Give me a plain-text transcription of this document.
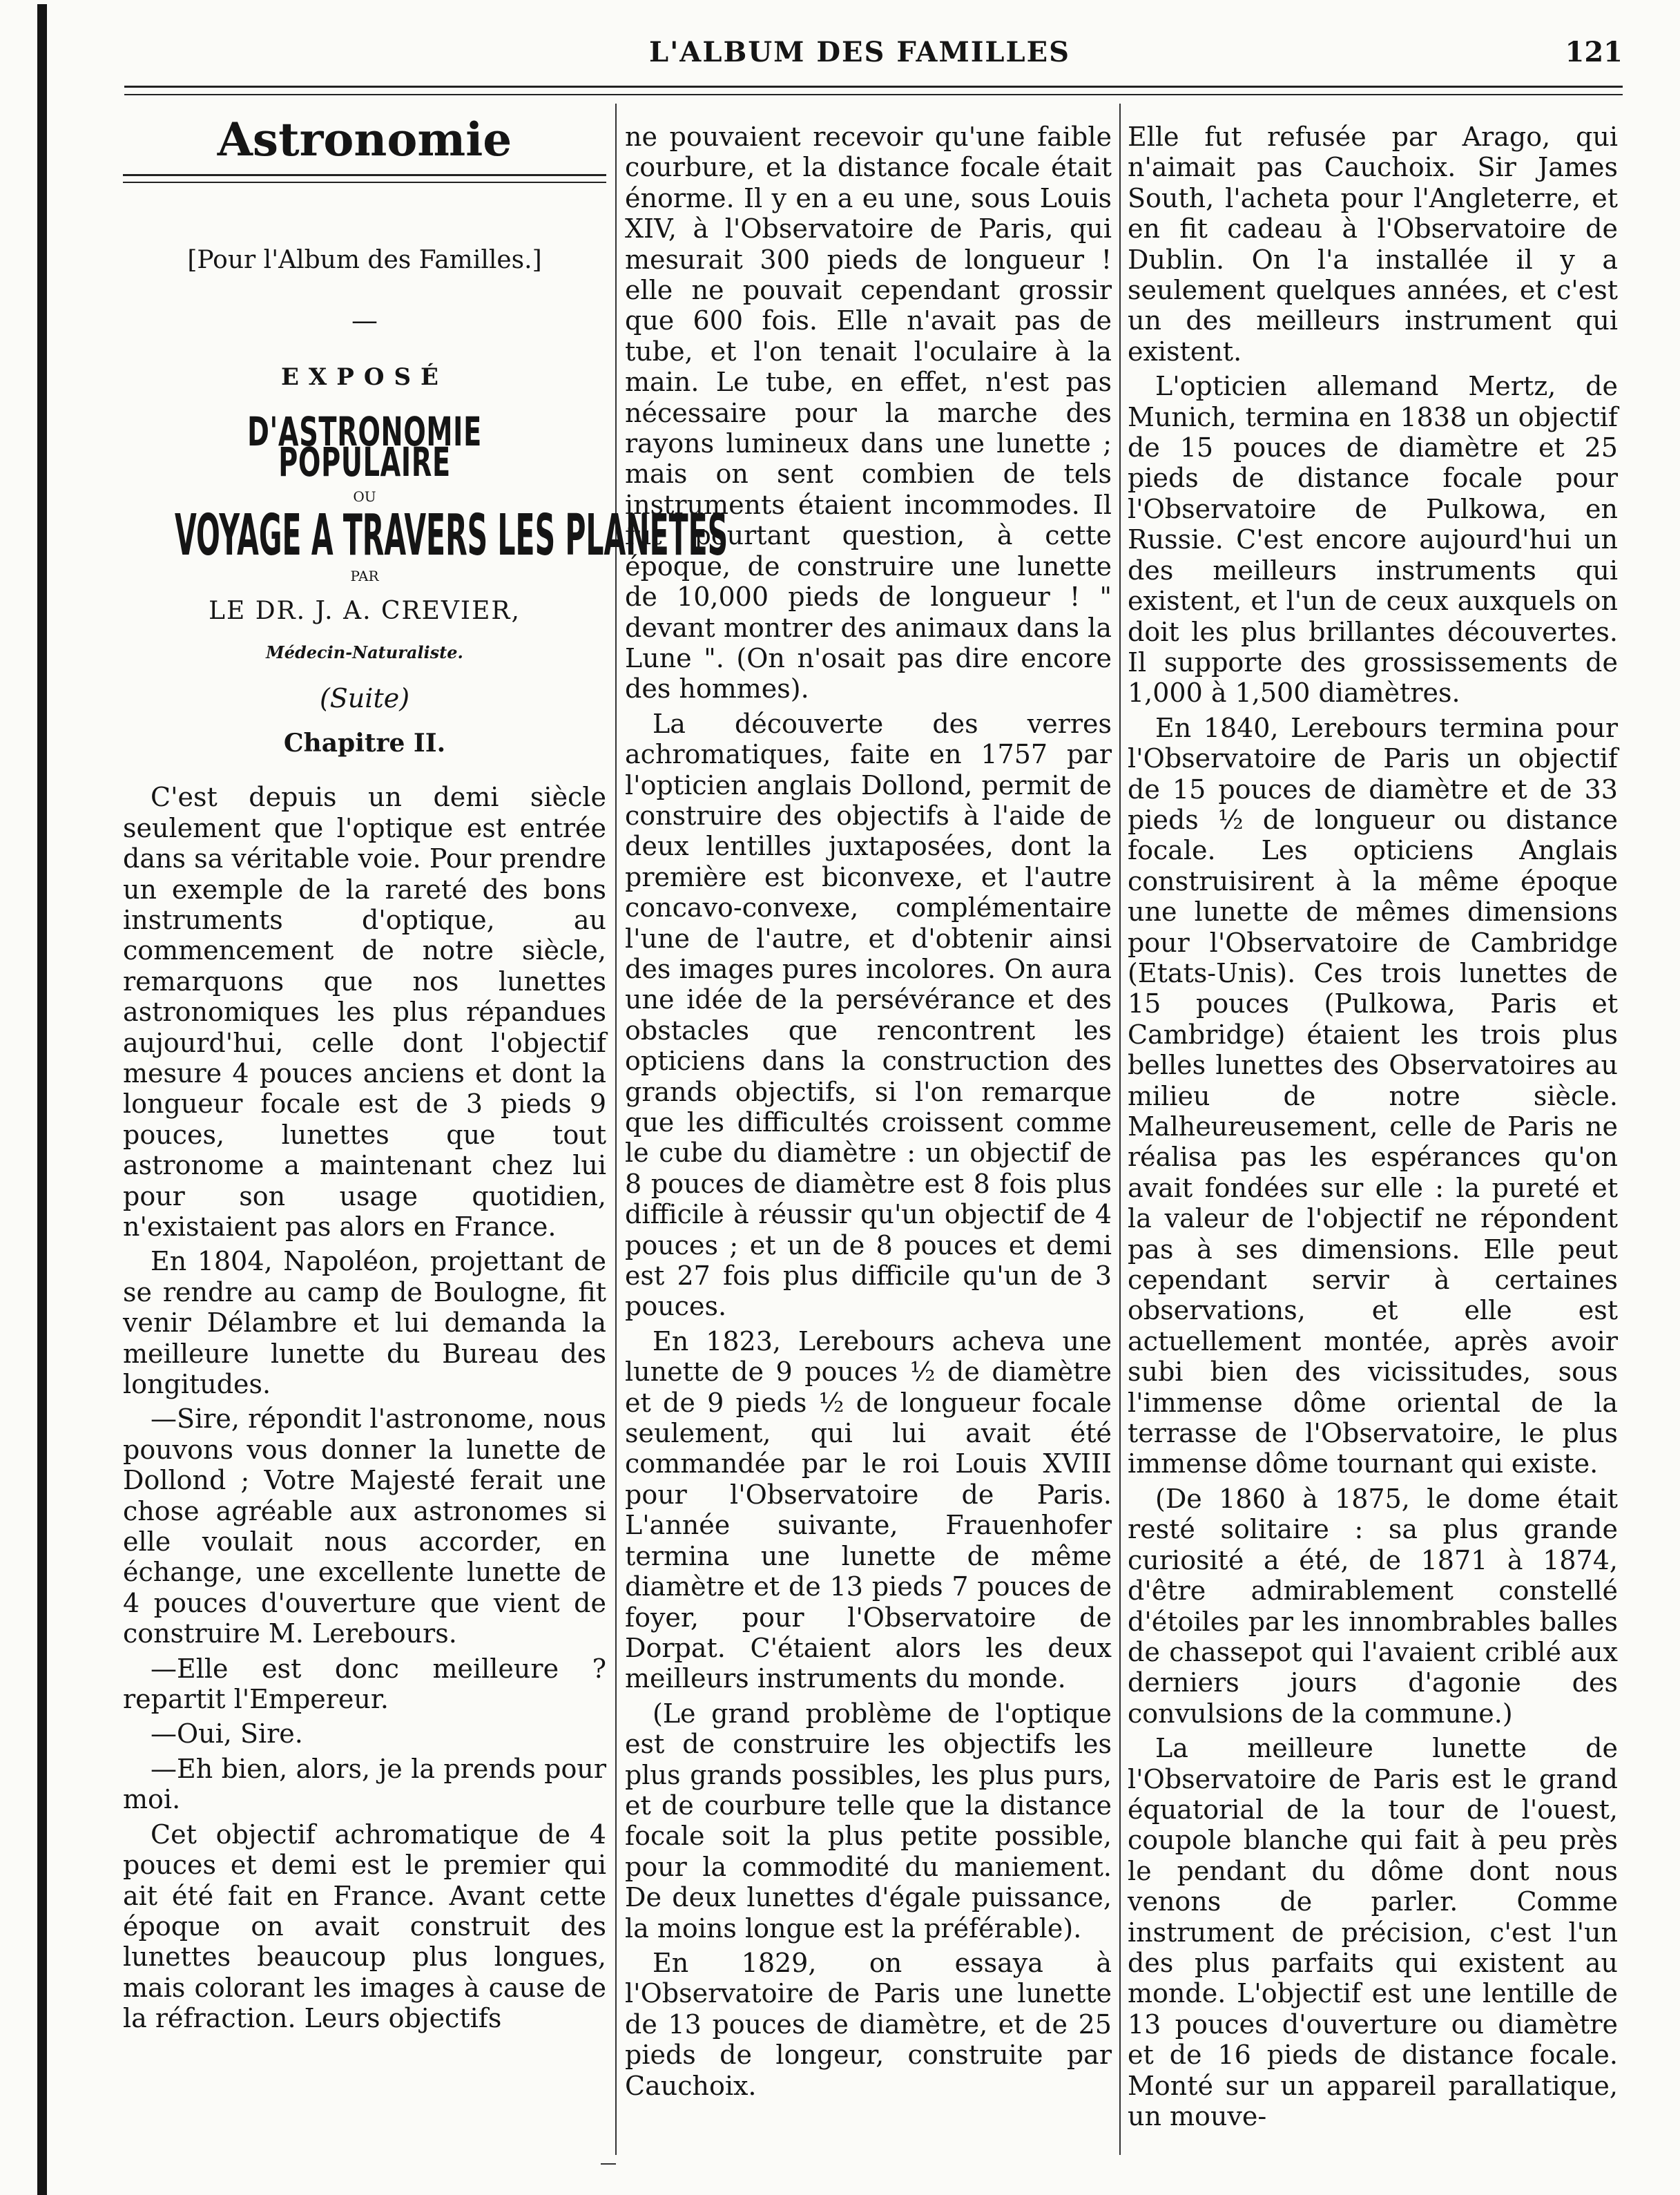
L'ALBUM DES FAMILLES	121
Astronomie
[Pour l'Album des Familles.]
—
EXPOSÉ
D'ASTRONOMIE POPULAIRE
OU
VOYAGE A TRAVERS LES PLANETES
PAR
LE DR. J. A. CREVIER,
Médecin-Naturaliste.
(Suite)
Chapitre II.

C'est depuis un demi siècle seulement que l'optique est entrée dans sa véritable voie. Pour prendre un exemple de la rareté des bons instruments d'optique, au commencement de notre siècle, remarquons que nos lunettes astronomiques les plus répandues aujourd'hui, celle dont l'objectif mesure 4 pouces anciens et dont la longueur focale est de 3 pieds 9 pouces, lunettes que tout astronome a maintenant chez lui pour son usage quotidien, n'existaient pas alors en France.

En 1804, Napoléon, projettant de se rendre au camp de Boulogne, fit venir Délambre et lui demanda la meilleure lunette du Bureau des longitudes.

—Sire, répondit l'astronome, nous pouvons vous donner la lunette de Dollond ; Votre Majesté ferait une chose agréable aux astronomes si elle voulait nous accorder, en échange, une excellente lunette de 4 pouces d'ouverture que vient de construire M. Lerebours.

—Elle est donc meilleure ? repartit l'Empereur.

—Oui, Sire.

—Eh bien, alors, je la prends pour moi.

Cet objectif achromatique de 4 pouces et demi est le premier qui ait été fait en France. Avant cette époque on avait construit des lunettes beaucoup plus longues, mais colorant les images à cause de la réfraction. Leurs objectifs

ne pouvaient recevoir qu'une faible courbure, et la distance focale était énorme. Il y en a eu une, sous Louis XIV, à l'Observatoire de Paris, qui mesurait 300 pieds de longueur ! elle ne pouvait cependant grossir que 600 fois. Elle n'avait pas de tube, et l'on tenait l'oculaire à la main. Le tube, en effet, n'est pas nécessaire pour la marche des rayons lumineux dans une lunette ; mais on sent combien de tels instruments étaient incommodes. Il fut pourtant question, à cette époque, de construire une lunette de 10,000 pieds de longueur ! " devant montrer des animaux dans la Lune ". (On n'osait pas dire encore des hommes).

La découverte des verres achromatiques, faite en 1757 par l'opticien anglais Dollond, permit de construire des objectifs à l'aide de deux lentilles juxtaposées, dont la première est biconvexe, et l'autre concavo-convexe, complémentaire l'une de l'autre, et d'obtenir ainsi des images pures incolores. On aura une idée de la persévérance et des obstacles que rencontrent les opticiens dans la construction des grands objectifs, si l'on remarque que les difficultés croissent comme le cube du diamètre : un objectif de 8 pouces de diamètre est 8 fois plus difficile à réussir qu'un objectif de 4 pouces ; et un de 8 pouces et demi est 27 fois plus difficile qu'un de 3 pouces.

En 1823, Lerebours acheva une lunette de 9 pouces ½ de diamètre et de 9 pieds ½ de longueur focale seulement, qui lui avait été commandée par le roi Louis XVIII pour l'Observatoire de Paris. L'année suivante, Frauenhofer termina une lunette de même diamètre et de 13 pieds 7 pouces de foyer, pour l'Observatoire de Dorpat. C'étaient alors les deux meilleurs instruments du monde.

(Le grand problème de l'optique est de construire les objectifs les plus grands possibles, les plus purs, et de courbure telle que la distance focale soit la plus petite possible, pour la commodité du maniement. De deux lunettes d'égale puissance, la moins longue est la préférable).

En 1829, on essaya à l'Observatoire de Paris une lunette de 13 pouces de diamètre, et de 25 pieds de longeur, construite par Cauchoix.

Elle fut refusée par Arago, qui n'aimait pas Cauchoix. Sir James South, l'acheta pour l'Angleterre, et en fit cadeau à l'Observatoire de Dublin. On l'a installée il y a seulement quelques années, et c'est un des meilleurs instrument qui existent.

L'opticien allemand Mertz, de Munich, termina en 1838 un objectif de 15 pouces de diamètre et 25 pieds de distance focale pour l'Observatoire de Pulkowa, en Russie. C'est encore aujourd'hui un des meilleurs instruments qui existent, et l'un de ceux auxquels on doit les plus brillantes découvertes. Il supporte des grossissements de 1,000 à 1,500 diamètres.

En 1840, Lerebours termina pour l'Observatoire de Paris un objectif de 15 pouces de diamètre et de 33 pieds ½ de longueur ou distance focale. Les opticiens Anglais construisirent à la même époque une lunette de mêmes dimensions pour l'Observatoire de Cambridge (Etats-Unis). Ces trois lunettes de 15 pouces (Pulkowa, Paris et Cambridge) étaient les trois plus belles lunettes des Observatoires au milieu de notre siècle. Malheureusement, celle de Paris ne réalisa pas les espérances qu'on avait fondées sur elle : la pureté et la valeur de l'objectif ne répondent pas à ses dimensions. Elle peut cependant servir à certaines observations, et elle est actuellement montée, après avoir subi bien des vicissitudes, sous l'immense dôme oriental de la terrasse de l'Observatoire, le plus immense dôme tournant qui existe.

(De 1860 à 1875, le dome était resté solitaire : sa plus grande curiosité a été, de 1871 à 1874, d'être admirablement constellé d'étoiles par les innombrables balles de chassepot qui l'avaient criblé aux derniers jours d'agonie des convulsions de la commune.)

La meilleure lunette de l'Observatoire de Paris est le grand équatorial de la tour de l'ouest, coupole blanche qui fait à peu près le pendant du dôme dont nous venons de parler. Comme instrument de précision, c'est l'un des plus parfaits qui existent au monde. L'objectif est une lentille de 13 pouces d'ouverture ou diamètre et de 16 pieds de distance focale. Monté sur un appareil parallatique, un mouve-
